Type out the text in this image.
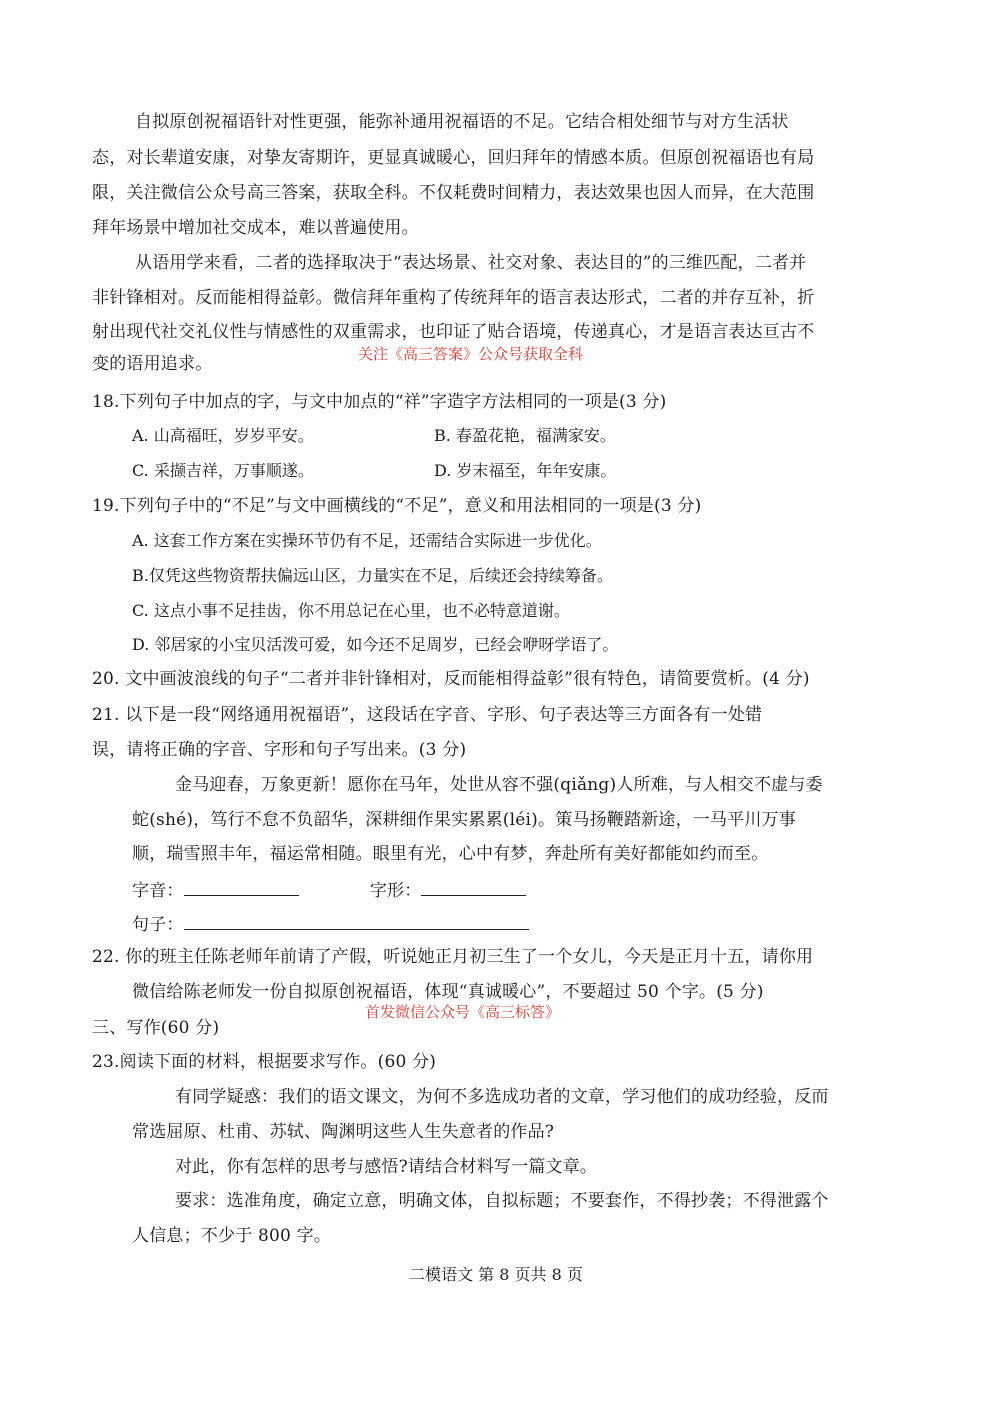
自拟原创祝福语针对性更强，能弥补通用祝福语的不足。它结合相处细节与对方生活状
态，对长辈道安康，对挚友寄期许，更显真诚暖心，回归拜年的情感本质。但原创祝福语也有局
限，关注微信公众号高三答案，获取全科。不仅耗费时间精力，表达效果也因人而异，在大范围
拜年场景中增加社交成本，难以普遍使用。
从语用学来看，二者的选择取决于“表达场景、社交对象、表达目的”的三维匹配，二者并
非针锋相对。反而能相得益彰。微信拜年重构了传统拜年的语言表达形式，二者的并存互补，折
射出现代社交礼仪性与情感性的双重需求，也印证了贴合语境，传递真心，才是语言表达亘古不
变的语用追求。	关注《高三答案》公众号获取全科
18.下列句子中加点的字，与文中加点的“祥”字造字方法相同的一项是(3 分)
A. 山高福旺，岁岁平安。	B. 春盈花艳，福满家安。
C. 采撷吉祥，万事顺遂。	D. 岁末福至，年年安康。
19.下列句子中的“不足”与文中画横线的“不足”，意义和用法相同的一项是(3 分)
A. 这套工作方案在实操环节仍有不足，还需结合实际进一步优化。
B.仅凭这些物资帮扶偏远山区，力量实在不足，后续还会持续筹备。
C. 这点小事不足挂齿，你不用总记在心里，也不必特意道谢。
D. 邻居家的小宝贝活泼可爱，如今还不足周岁，已经会咿呀学语了。
20. 文中画波浪线的句子“二者并非针锋相对，反而能相得益彰”很有特色，请简要赏析。(4 分)
21. 以下是一段“网络通用祝福语”，这段话在字音、字形、句子表达等三方面各有一处错
误，请将正确的字音、字形和句子写出来。(3 分)
金马迎春，万象更新！愿你在马年，处世从容不强(qiǎng)人所难，与人相交不虚与委
蛇(shé)，笃行不怠不负韶华，深耕细作果实累累(léi)。策马扬鞭踏新途，一马平川万事
顺，瑞雪照丰年，福运常相随。眼里有光，心中有梦，奔赴所有美好都能如约而至。
字音：	字形：
句子：
22. 你的班主任陈老师年前请了产假，听说她正月初三生了一个女儿，今天是正月十五，请你用
微信给陈老师发一份自拟原创祝福语，体现“真诚暖心”，不要超过 50 个字。(5 分)
首发微信公众号《高三标答》
三、写作(60 分)
23.阅读下面的材料，根据要求写作。(60 分)
有同学疑惑：我们的语文课文，为何不多选成功者的文章，学习他们的成功经验，反而
常选屈原、杜甫、苏轼、陶渊明这些人生失意者的作品?
对此，你有怎样的思考与感悟?请结合材料写一篇文章。
要求：选准角度，确定立意，明确文体，自拟标题；不要套作，不得抄袭；不得泄露个
人信息；不少于 800 字。
二模语文 第 8 页共 8 页
